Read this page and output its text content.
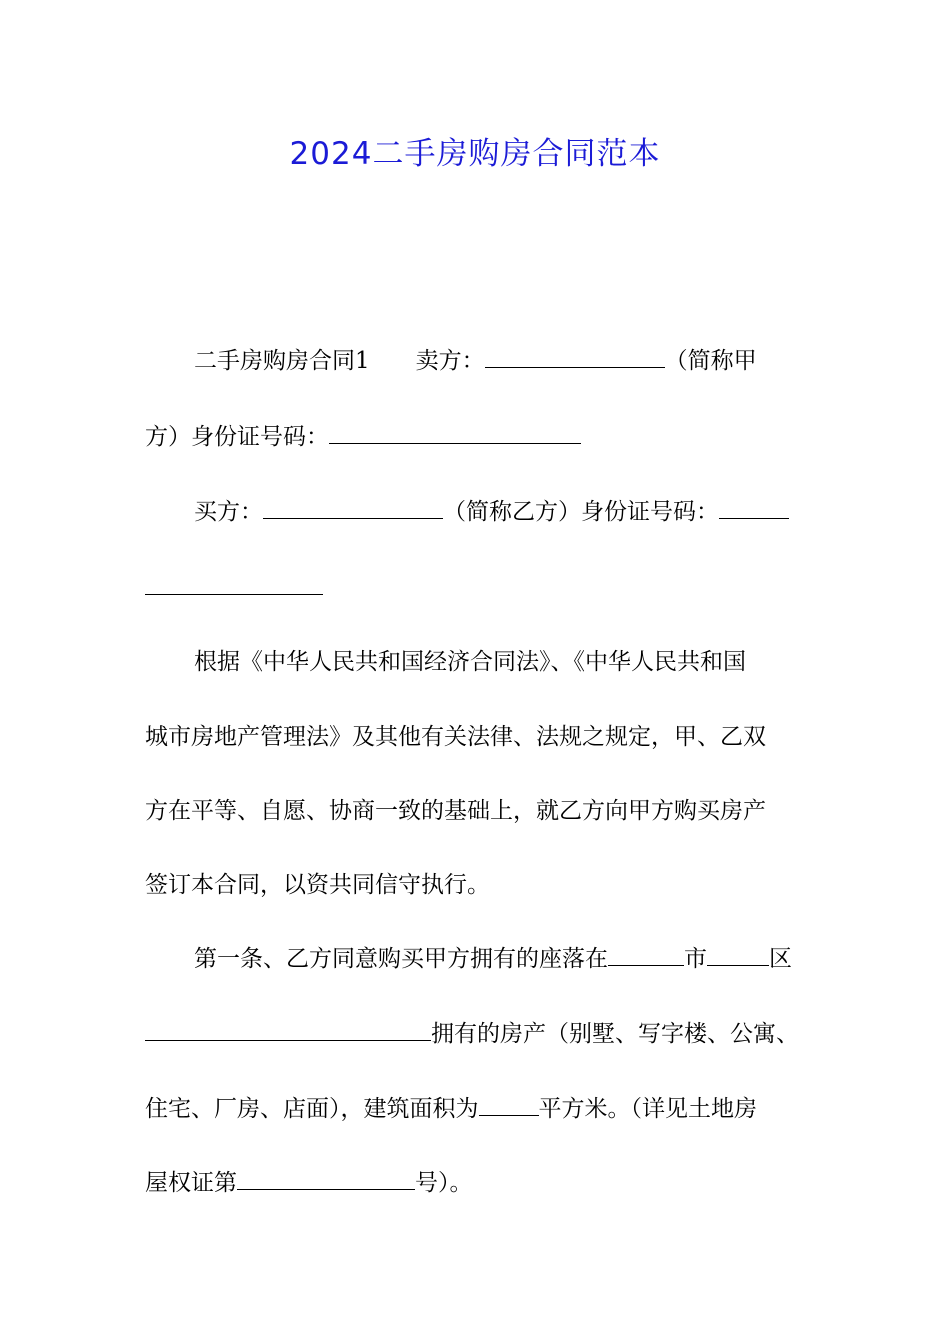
2024二手房购房合同范本
二手房购房合同1　　卖方：	（简称甲
方）身份证号码：
买方：	（简称乙方）身份证号码：
根据《中华人民共和国经济合同法》、《中华人民共和国
城市房地产管理法》及其他有关法律、法规之规定，甲、乙双
方在平等、自愿、协商一致的基础上，就乙方向甲方购买房产
签订本合同，以资共同信守执行。
第一条、乙方同意购买甲方拥有的座落在	市	区
拥有的房产（别墅、写字楼、公寓、
住宅、厂房、店面），建筑面积为	平方米。（详见土地房
屋权证第	号）。
